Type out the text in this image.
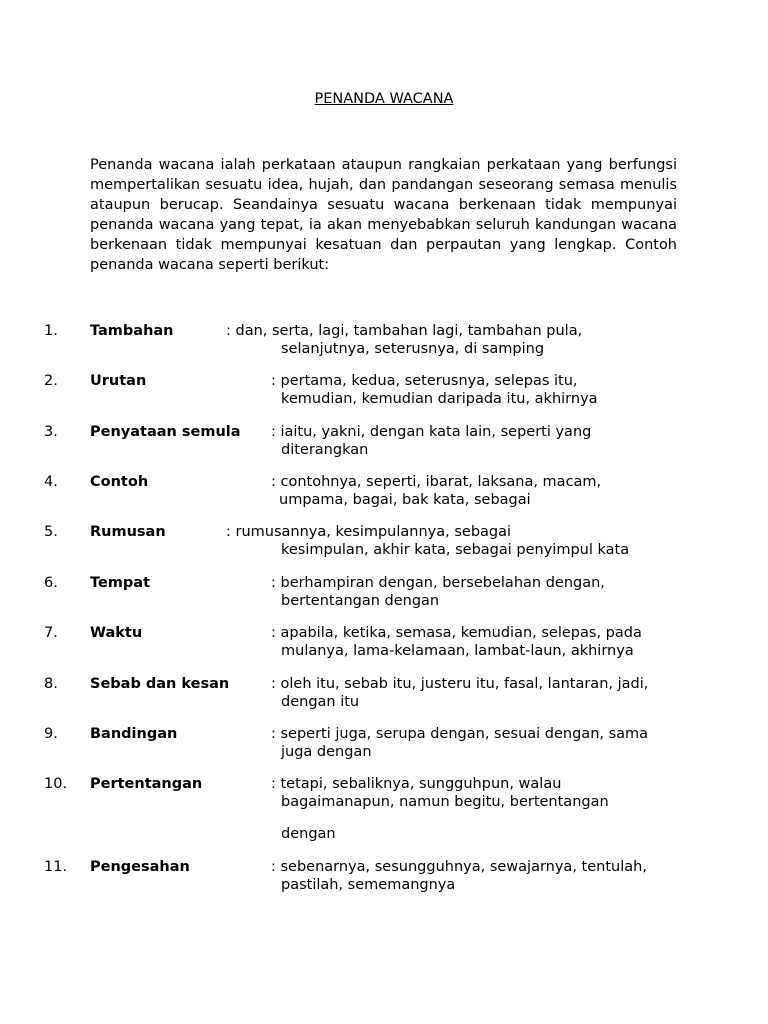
PENANDA WACANA

Penanda wacana ialah perkataan ataupun rangkaian perkataan yang berfungsi mempertalikan sesuatu idea, hujah, dan pandangan seseorang semasa menulis ataupun berucap. Seandainya sesuatu wacana berkenaan tidak mempunyai penanda wacana yang tepat, ia akan menyebabkan seluruh kandungan wacana berkenaan tidak mempunyai kesatuan dan perpautan yang lengkap. Contoh penanda wacana seperti berikut:

1. Tambahan	: dan, serta, lagi, tambahan lagi, tambahan pula,
selanjutnya, seterusnya, di samping
2. Urutan	: pertama, kedua, seterusnya, selepas itu,
kemudian, kemudian daripada itu, akhirnya
3. Penyataan semula : iaitu, yakni, dengan kata lain, seperti yang
diterangkan
4. Contoh	: contohnya, seperti, ibarat, laksana, macam,
umpama, bagai, bak kata, sebagai
5. Rumusan	: rumusannya, kesimpulannya, sebagai
kesimpulan, akhir kata, sebagai penyimpul kata
6. Tempat	: berhampiran dengan, bersebelahan dengan,
bertentangan dengan
7. Waktu	: apabila, ketika, semasa, kemudian, selepas, pada
mulanya, lama-kelamaan, lambat-laun, akhirnya
8. Sebab dan kesan	: oleh itu, sebab itu, justeru itu, fasal, lantaran, jadi,
dengan itu
9. Bandingan	: seperti juga, serupa dengan, sesuai dengan, sama
juga dengan
10. Pertentangan	: tetapi, sebaliknya, sungguhpun, walau
bagaimanapun, namun begitu, bertentangan
dengan
11. Pengesahan	: sebenarnya, sesungguhnya, sewajarnya, tentulah,
pastilah, sememangnya
